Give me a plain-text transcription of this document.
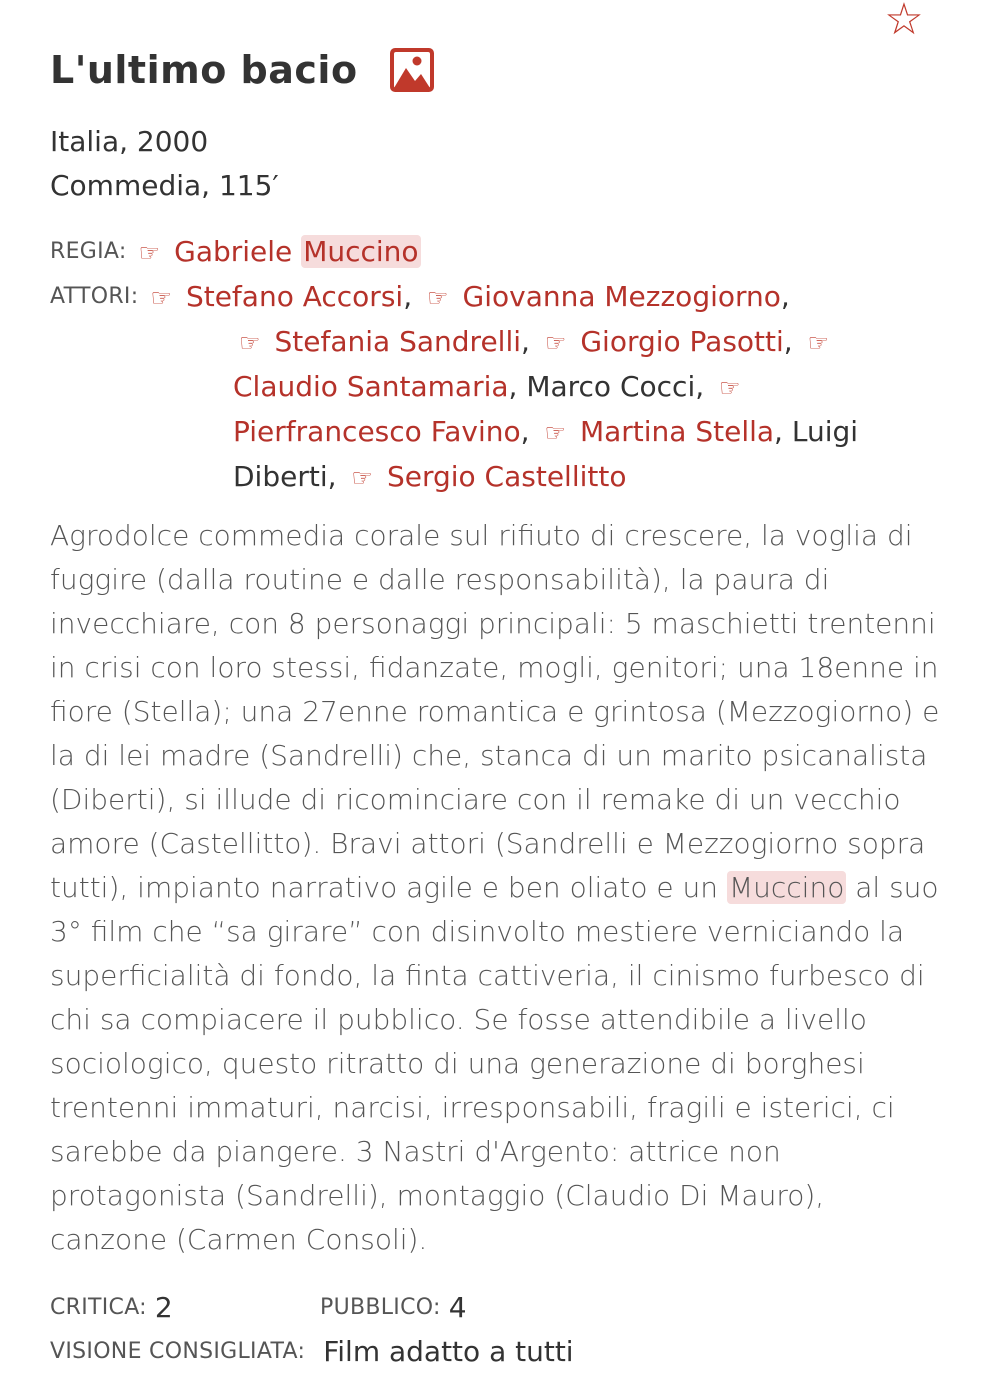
☆
L'ultimo bacio
Italia, 2000
Commedia, 115′
REGIA: ☞ Gabriele Muccino
ATTORI: ☞ Stefano Accorsi, ☞ Giovanna Mezzogiorno,
☞ Stefania Sandrelli, ☞ Giorgio Pasotti, ☞Claudio Santamaria, Marco Cocci, ☞Pierfrancesco Favino, ☞ Martina Stella, Luigi Diberti, ☞ Sergio Castellitto
Agrodolce commedia corale sul rifiuto di crescere, la voglia di fuggire (dalla routine e dalle responsabilità), la paura di invecchiare, con 8 personaggi principali: 5 maschietti trentenni in crisi con loro stessi, fidanzate, mogli, genitori; una 18enne in fiore (Stella); una 27enne romantica e grintosa (Mezzogiorno) e la di lei madre (Sandrelli) che, stanca di un marito psicanalista (Diberti), si illude di ricominciare con il remake di un vecchio amore (Castellitto). Bravi attori (Sandrelli e Mezzogiorno sopra tutti), impianto narrativo agile e ben oliato e un Muccino al suo 3° film che “sa girare” con disinvolto mestiere verniciando la superficialità di fondo, la finta cattiveria, il cinismo furbesco di chi sa compiacere il pubblico. Se fosse attendibile a livello sociologico, questo ritratto di una generazione di borghesi trentenni immaturi, narcisi, irresponsabili, fragili e isterici, ci sarebbe da piangere. 3 Nastri d'Argento: attrice non protagonista (Sandrelli), montaggio (Claudio Di Mauro), canzone (Carmen Consoli).
CRITICA: 2	PUBBLICO: 4
VISIONE CONSIGLIATA: Film adatto a tutti
